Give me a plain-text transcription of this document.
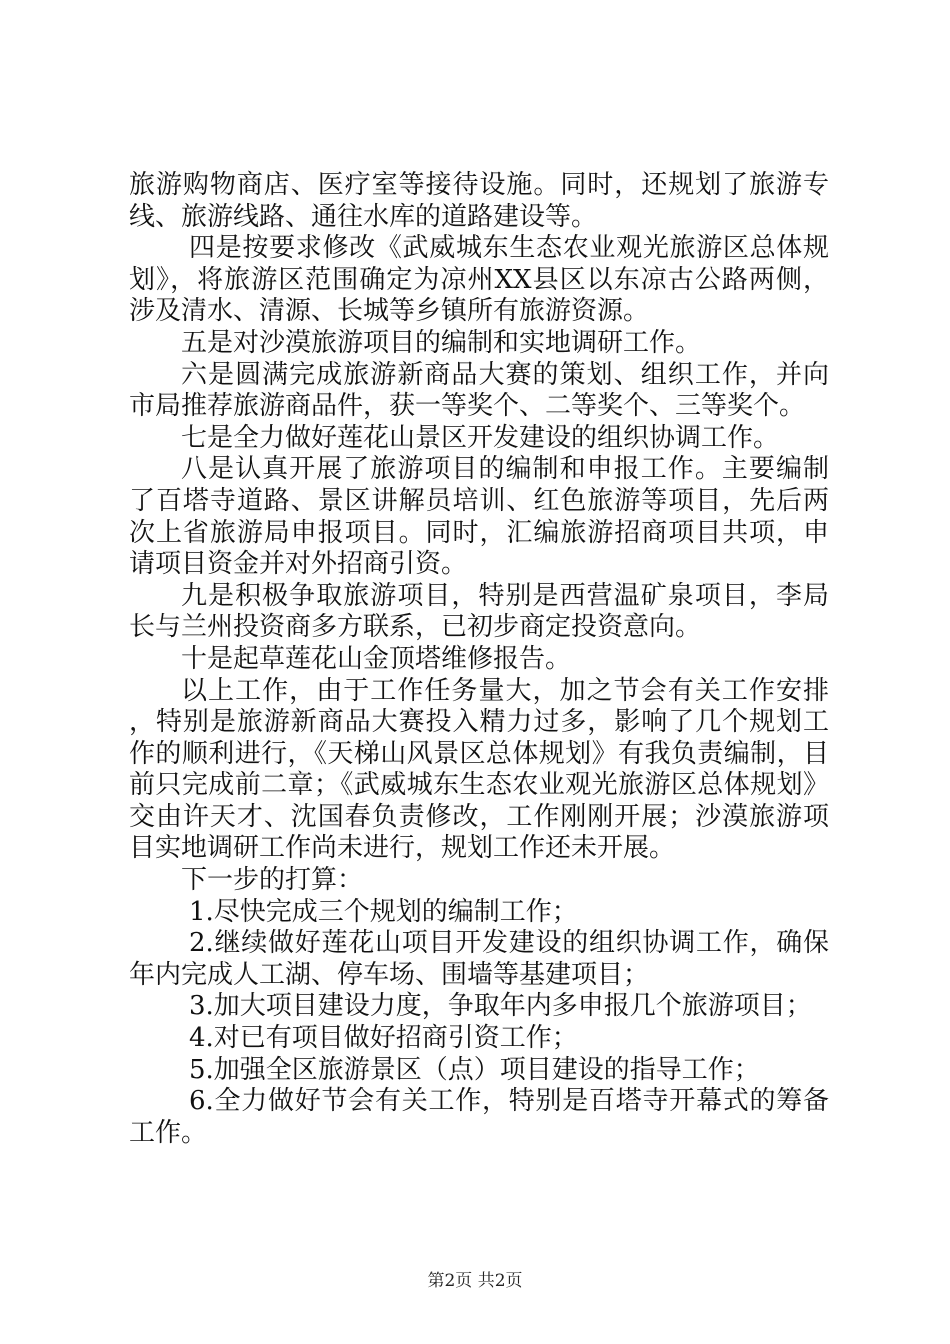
旅游购物商店、医疗室等接待设施。同时，还规划了旅游专线、旅游线路、通往水库的道路建设等。

四是按要求修改《武威城东生态农业观光旅游区总体规划》，将旅游区范围确定为凉州XX县区以东凉古公路两侧，涉及清水、清源、长城等乡镇所有旅游资源。

五是对沙漠旅游项目的编制和实地调研工作。

六是圆满完成旅游新商品大赛的策划、组织工作，并向市局推荐旅游商品件，获一等奖个、二等奖个、三等奖个。

七是全力做好莲花山景区开发建设的组织协调工作。

八是认真开展了旅游项目的编制和申报工作。主要编制了百塔寺道路、景区讲解员培训、红色旅游等项目，先后两次上省旅游局申报项目。同时，汇编旅游招商项目共项，申请项目资金并对外招商引资。

九是积极争取旅游项目，特别是西营温矿泉项目，李局长与兰州投资商多方联系，已初步商定投资意向。

十是起草莲花山金顶塔维修报告。

以上工作，由于工作任务量大，加之节会有关工作安排，特别是旅游新商品大赛投入精力过多，影响了几个规划工作的顺利进行，《天梯山风景区总体规划》有我负责编制，目前只完成前二章；《武威城东生态农业观光旅游区总体规划》交由许天才、沈国春负责修改，工作刚刚开展；沙漠旅游项目实地调研工作尚未进行，规划工作还未开展。

下一步的打算：

1.尽快完成三个规划的编制工作；

2.继续做好莲花山项目开发建设的组织协调工作，确保年内完成人工湖、停车场、围墙等基建项目；

3.加大项目建设力度，争取年内多申报几个旅游项目；

4.对已有项目做好招商引资工作；

5.加强全区旅游景区（点）项目建设的指导工作；

6.全力做好节会有关工作，特别是百塔寺开幕式的筹备工作。

第2页 共2页
